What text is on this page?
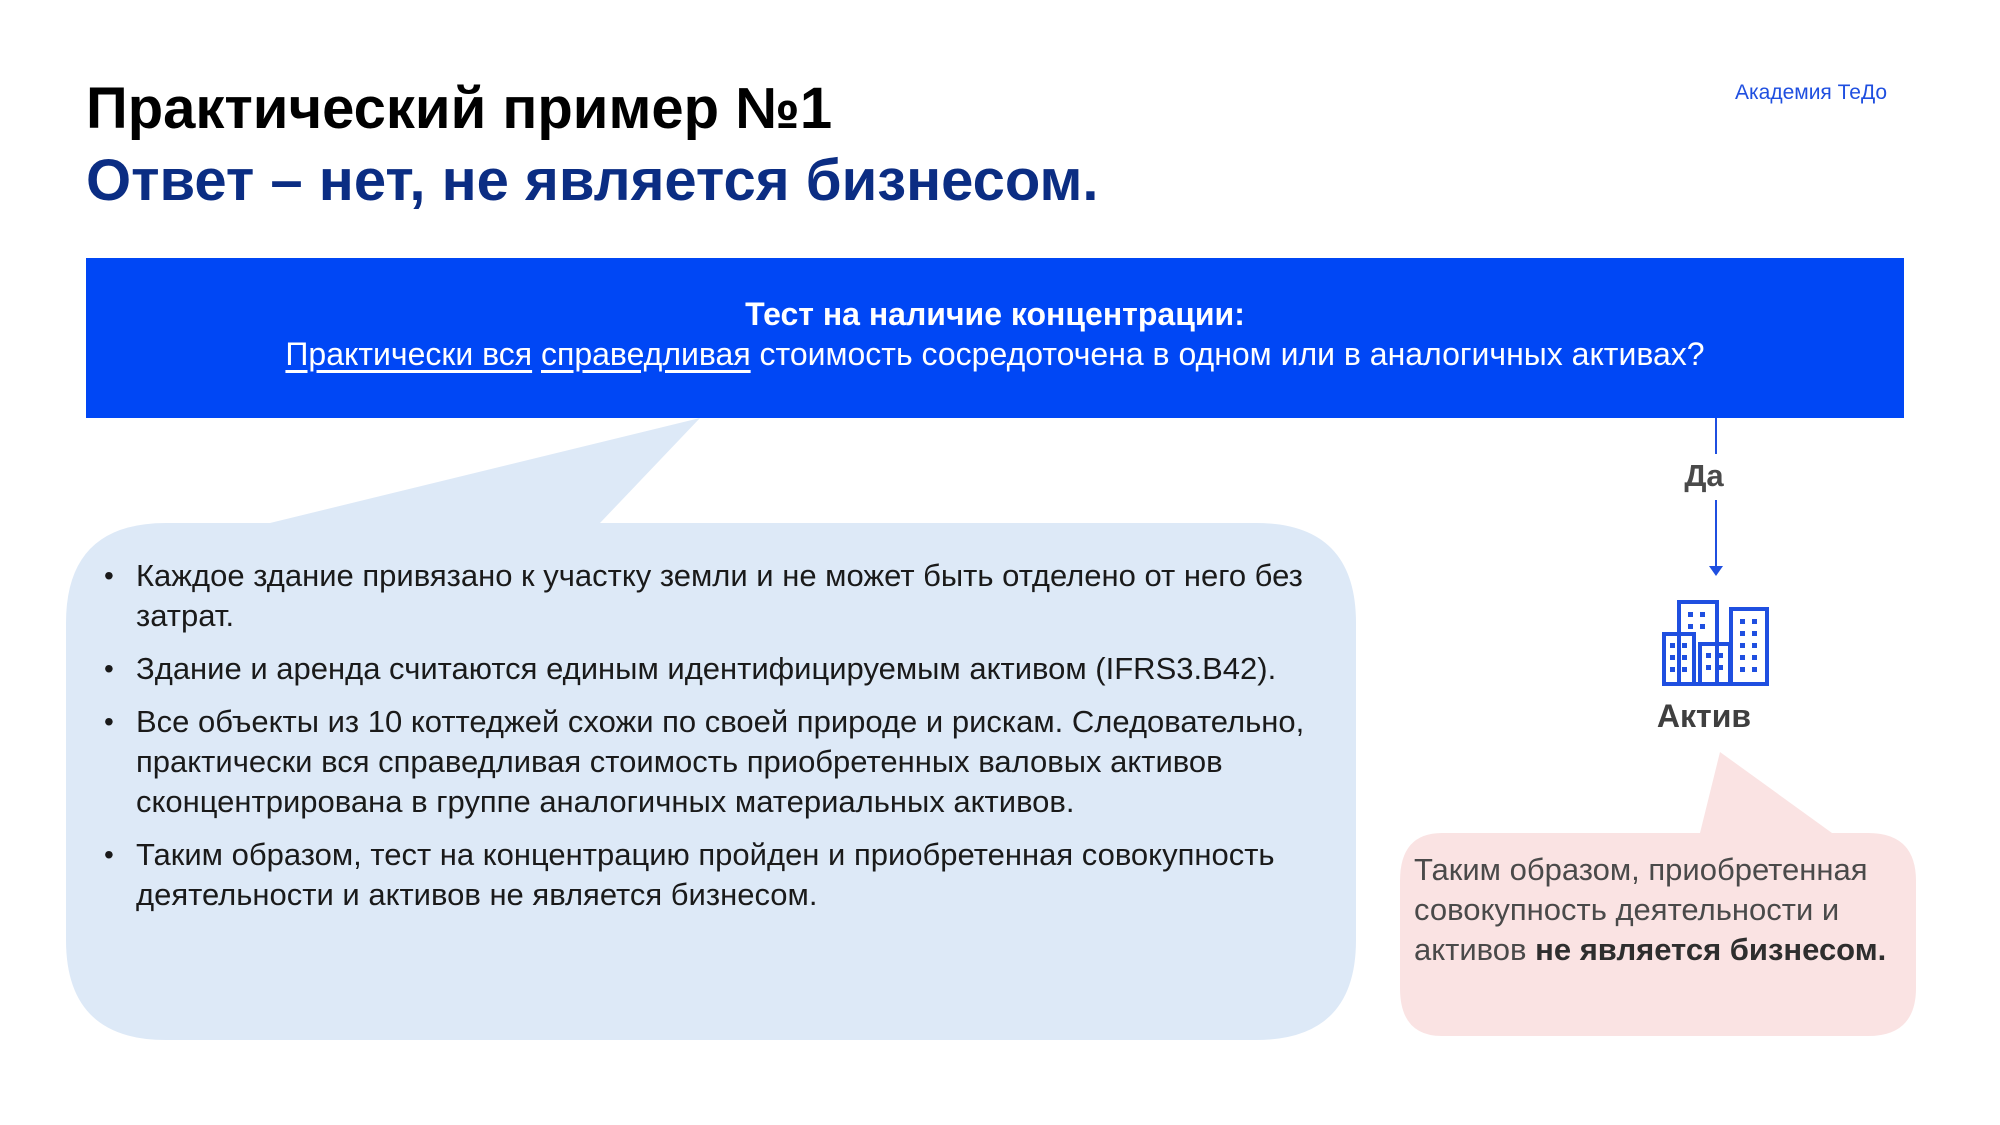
Практический пример №1
Ответ – нет, не является бизнесом.
Академия ТеДо
Тест на наличие концентрации:
Практически вся справедливая стоимость сосредоточена в одном или в аналогичных активах?
• Каждое здание привязано к участку земли и не может быть отделено от него без затрат.
• Здание и аренда считаются единым идентифицируемым активом (IFRS3.B42).
• Все объекты из 10 коттеджей схожи по своей природе и рискам. Следовательно, практически вся справедливая стоимость приобретенных валовых активов сконцентрирована в группе аналогичных материальных активов.
• Таким образом, тест на концентрацию пройден и приобретенная совокупность деятельности и активов не является бизнесом.
Да
Актив
Таким образом, приобретенная совокупность деятельности и активов не является бизнесом.
